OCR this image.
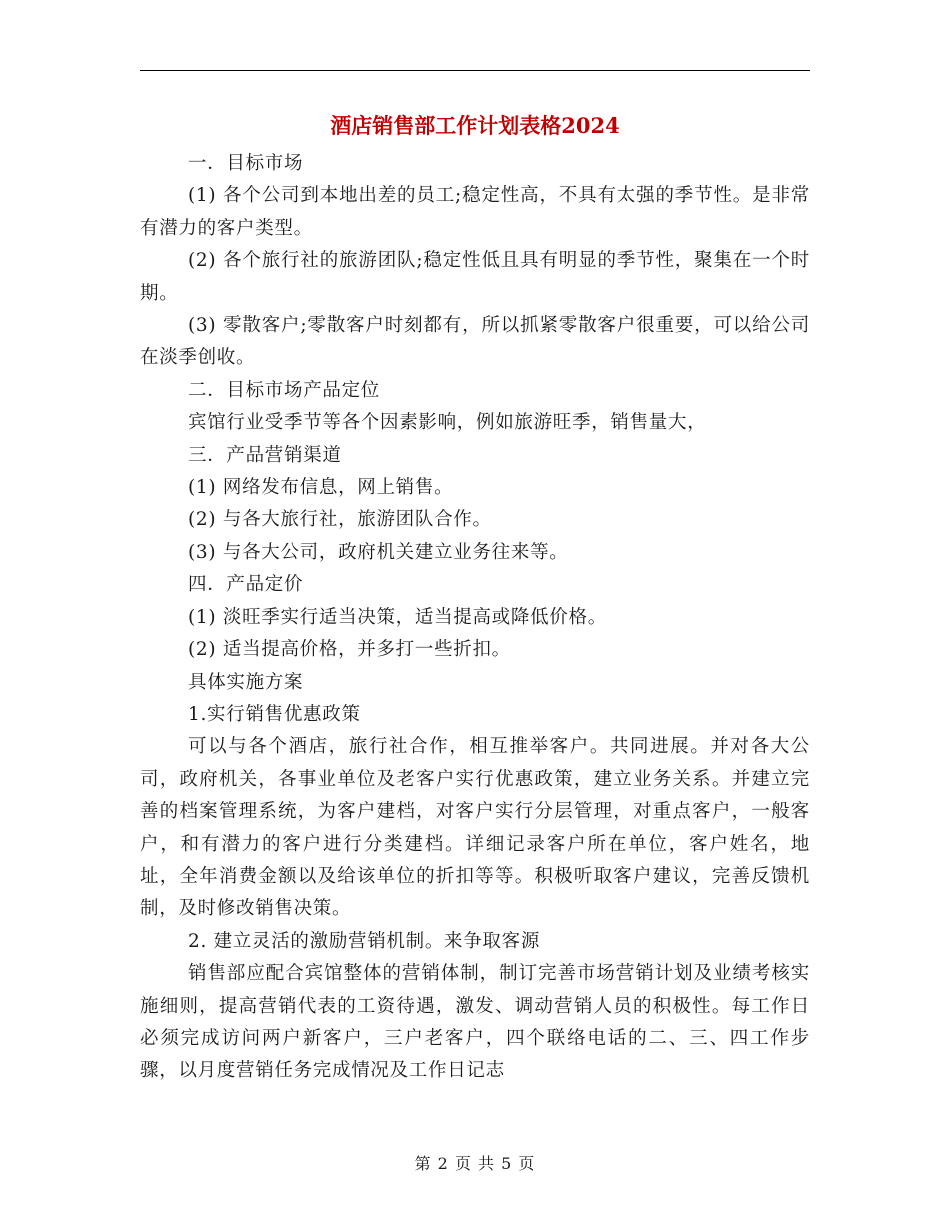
酒店销售部工作计划表格2024

一．目标市场

(1) 各个公司到本地出差的员工;稳定性高，不具有太强的季节性。是非常有潜力的客户类型。

(2) 各个旅行社的旅游团队;稳定性低且具有明显的季节性，聚集在一个时期。

(3) 零散客户;零散客户时刻都有，所以抓紧零散客户很重要，可以给公司在淡季创收。

二．目标市场产品定位

宾馆行业受季节等各个因素影响，例如旅游旺季，销售量大，

三．产品营销渠道

(1) 网络发布信息，网上销售。

(2) 与各大旅行社，旅游团队合作。

(3) 与各大公司，政府机关建立业务往来等。

四．产品定价

(1) 淡旺季实行适当决策，适当提高或降低价格。

(2) 适当提高价格，并多打一些折扣。

具体实施方案

1.实行销售优惠政策

可以与各个酒店，旅行社合作，相互推举客户。共同进展。并对各大公司，政府机关，各事业单位及老客户实行优惠政策，建立业务关系。并建立完善的档案管理系统，为客户建档，对客户实行分层管理，对重点客户，一般客户，和有潜力的客户进行分类建档。详细记录客户所在单位，客户姓名，地址，全年消费金额以及给该单位的折扣等等。积极听取客户建议，完善反馈机制，及时修改销售决策。

2. 建立灵活的激励营销机制。来争取客源

销售部应配合宾馆整体的营销体制，制订完善市场营销计划及业绩考核实施细则，提高营销代表的工资待遇，激发、调动营销人员的积极性。每工作日必须完成访问两户新客户，三户老客户，四个联络电话的二、三、四工作步骤，以月度营销任务完成情况及工作日记志

第 2 页 共 5 页
